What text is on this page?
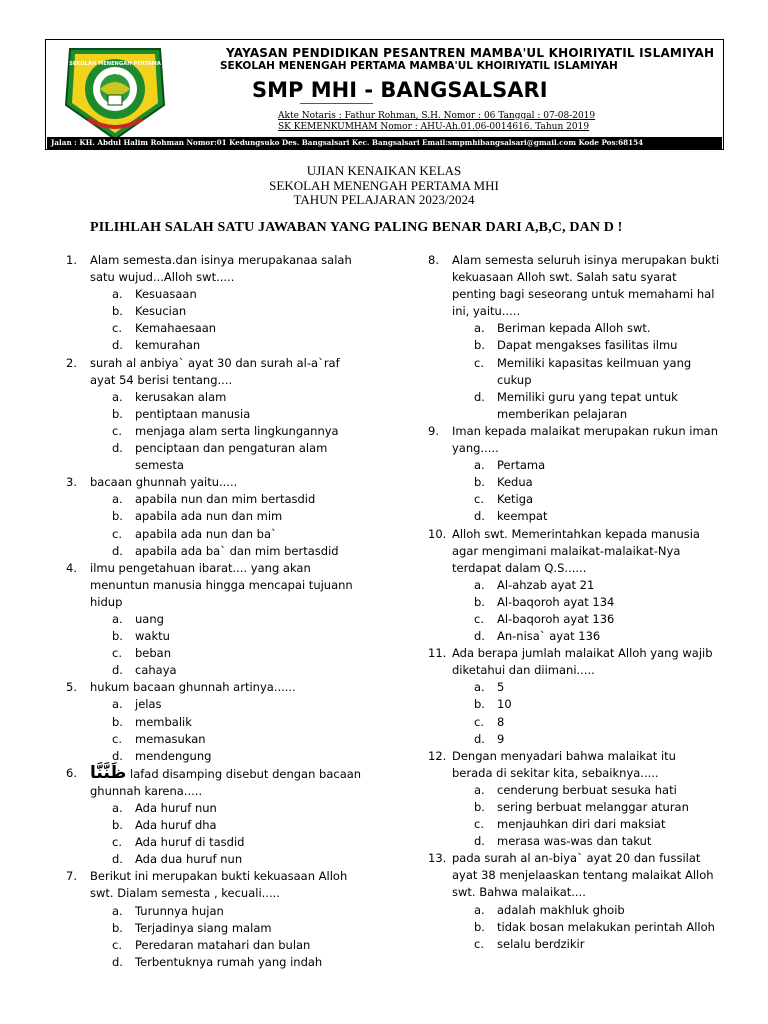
SEKOLAH MENENGAH PERTAMA
SMP MHI
YAYASAN PENDIDIKAN PESANTREN MAMBA'UL KHOIRIYATIL ISLAMIYAH
SEKOLAH MENENGAH PERTAMA MAMBA'UL KHOIRIYATIL ISLAMIYAH
SMP MHI - BANGSALSARI
Akte Notaris : Fathur Rohman, S.H. Nomor : 06 Tanggal : 07-08-2019
SK KEMENKUMHAM Nomor : AHU-Ah.01.06-0014616. Tahun 2019
Jalan : KH. Abdul Halim Rohman Nomor:01 Kedungsuko Des. Bangsalsari Kec. Bangsalsari Email:smpmhibangsalsari@gmail.com Kode Pos:68154
UJIAN KENAIKAN KELAS
SEKOLAH MENENGAH PERTAMA MHI
TAHUN PELAJARAN 2023/2024
PILIHLAH SALAH SATU JAWABAN YANG PALING BENAR DARI A,B,C, DAN D !
1. Alam semesta.dan isinya merupakanaa salah satu wujud...Alloh swt.....
a. Kesuasaan
b. Kesucian
c. Kemahaesaan
d. kemurahan
2. surah al anbiya` ayat 30 dan surah al-a`raf ayat 54 berisi tentang....
a. kerusakan alam
b. pentiptaan manusia
c. menjaga alam serta lingkungannya
d. penciptaan dan pengaturan alam semesta
3. bacaan ghunnah yaitu.....
a. apabila nun dan mim bertasdid
b. apabila ada nun dan mim
c. apabila ada nun dan ba`
d. apabila ada ba` dan mim bertasdid
4. ilmu pengetahuan ibarat.... yang akan menuntun manusia hingga mencapai tujuann hidup
a. uang
b. waktu
c. beban
d. cahaya
5. hukum bacaan ghunnah artinya......
a. jelas
b. membalik
c. memasukan
d. mendengung
6. ظَنَّنَّا lafad disamping disebut dengan bacaan ghunnah karena.....
a. Ada huruf nun
b. Ada huruf dha
c. Ada huruf di tasdid
d. Ada dua huruf nun
7. Berikut ini merupakan bukti kekuasaan Alloh swt. Dialam semesta , kecuali.....
a. Turunnya hujan
b. Terjadinya siang malam
c. Peredaran matahari dan bulan
d. Terbentuknya rumah yang indah
8. Alam semesta seluruh isinya merupakan bukti kekuasaan Alloh swt. Salah satu syarat penting bagi seseorang untuk memahami hal ini, yaitu.....
a. Beriman kepada Alloh swt.
b. Dapat mengakses fasilitas ilmu
c. Memiliki kapasitas keilmuan yang cukup
d. Memiliki guru yang tepat untuk memberikan pelajaran
9. Iman kepada malaikat merupakan rukun iman yang.....
a. Pertama
b. Kedua
c. Ketiga
d. keempat
10. Alloh swt. Memerintahkan kepada manusia agar mengimani malaikat-malaikat-Nya terdapat dalam Q.S......
a. Al-ahzab ayat 21
b. Al-baqoroh ayat 134
c. Al-baqoroh ayat 136
d. An-nisa` ayat 136
11. Ada berapa jumlah malaikat Alloh yang wajib diketahui dan diimani.....
a. 5
b. 10
c. 8
d. 9
12. Dengan menyadari bahwa malaikat itu berada di sekitar kita, sebaiknya.....
a. cenderung berbuat sesuka hati
b. sering berbuat melanggar aturan
c. menjauhkan diri dari maksiat
d. merasa was-was dan takut
13. pada surah al an-biya` ayat 20 dan fussilat ayat 38 menjelaaskan tentang malaikat Alloh swt. Bahwa malaikat....
a. adalah makhluk ghoib
b. tidak bosan melakukan perintah Alloh
c. selalu berdzikir
